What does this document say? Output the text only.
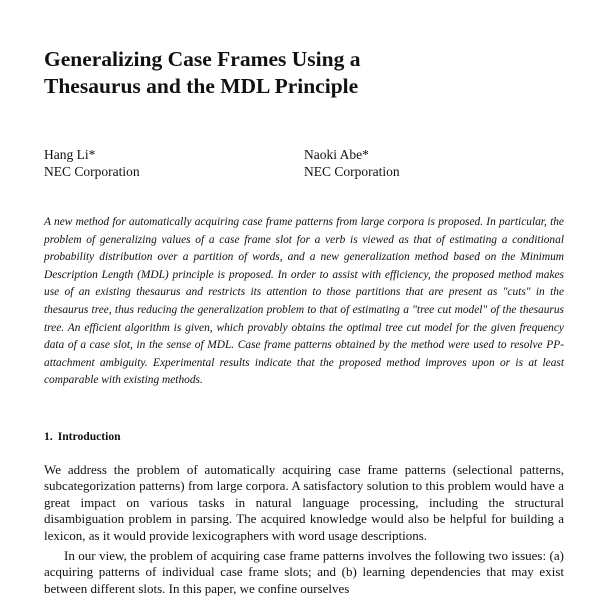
Generalizing Case Frames Using a
Thesaurus and the MDL Principle
Hang Li*
NEC Corporation
Naoki Abe*
NEC Corporation

A new method for automatically acquiring case frame patterns from large corpora is proposed. In particular, the problem of generalizing values of a case frame slot for a verb is viewed as that of estimating a conditional probability distribution over a partition of words, and a new generalization method based on the Minimum Description Length (MDL) principle is proposed. In order to assist with efficiency, the proposed method makes use of an existing thesaurus and restricts its attention to those partitions that are present as "cuts" in the thesaurus tree, thus reducing the generalization problem to that of estimating a "tree cut model" of the thesaurus tree. An efficient algorithm is given, which provably obtains the optimal tree cut model for the given frequency data of a case slot, in the sense of MDL. Case frame patterns obtained by the method were used to resolve PP-attachment ambiguity. Experimental results indicate that the proposed method improves upon or is at least comparable with existing methods.

1. Introduction

We address the problem of automatically acquiring case frame patterns (selectional patterns, subcategorization patterns) from large corpora. A satisfactory solution to this problem would have a great impact on various tasks in natural language processing, including the structural disambiguation problem in parsing. The acquired knowledge would also be helpful for building a lexicon, as it would provide lexicographers with word usage descriptions.

In our view, the problem of acquiring case frame patterns involves the following two issues: (a) acquiring patterns of individual case frame slots; and (b) learning dependencies that may exist between different slots. In this paper, we confine ourselves
